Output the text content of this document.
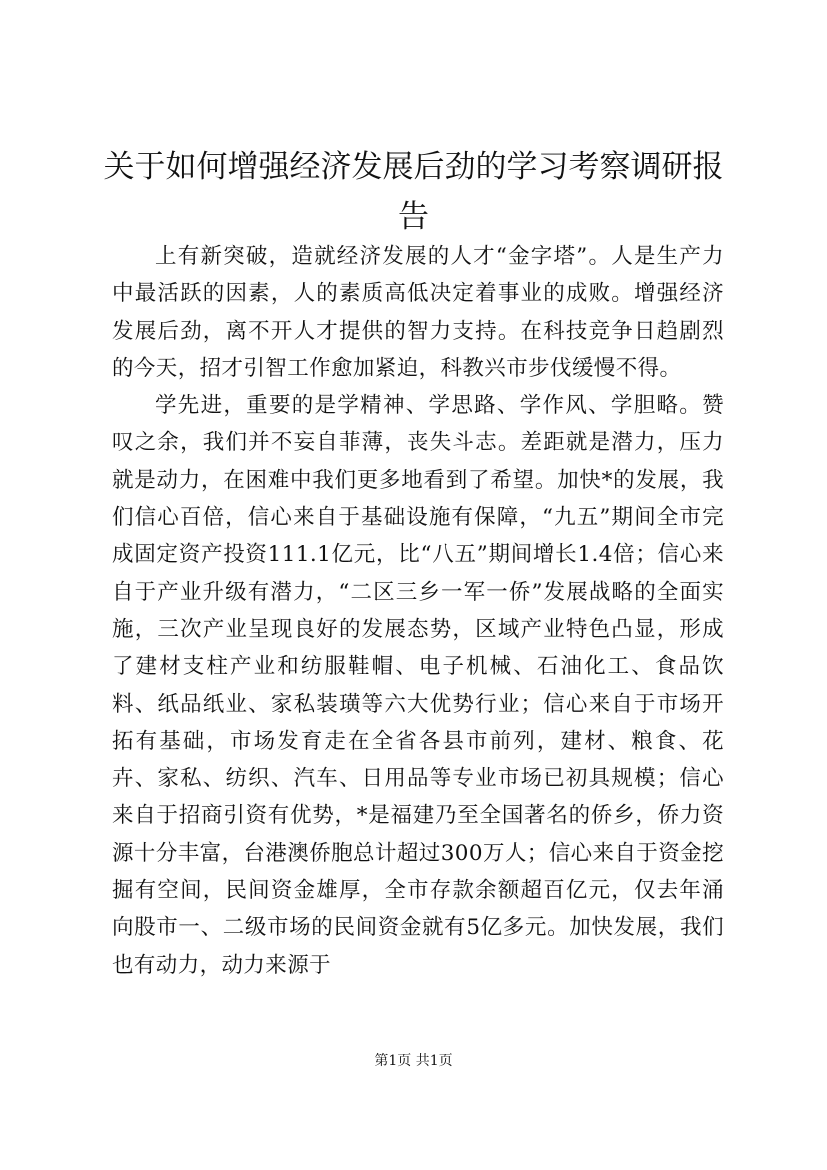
关于如何增强经济发展后劲的学习考察调研报告

上有新突破，造就经济发展的人才“金字塔”。人是生产力中最活跃的因素，人的素质高低决定着事业的成败。增强经济发展后劲，离不开人才提供的智力支持。在科技竞争日趋剧烈的今天，招才引智工作愈加紧迫，科教兴市步伐缓慢不得。

学先进，重要的是学精神、学思路、学作风、学胆略。赞叹之余，我们并不妄自菲薄，丧失斗志。差距就是潜力，压力就是动力，在困难中我们更多地看到了希望。加快*的发展，我们信心百倍，信心来自于基础设施有保障，“九五”期间全市完成固定资产投资111.1亿元，比“八五”期间增长1.4倍；信心来自于产业升级有潜力，“二区三乡一军一侨”发展战略的全面实施，三次产业呈现良好的发展态势，区域产业特色凸显，形成了建材支柱产业和纺服鞋帽、电子机械、石油化工、食品饮料、纸品纸业、家私装璜等六大优势行业；信心来自于市场开拓有基础，市场发育走在全省各县市前列，建材、粮食、花卉、家私、纺织、汽车、日用品等专业市场已初具规模；信心来自于招商引资有优势，*是福建乃至全国著名的侨乡，侨力资源十分丰富，台港澳侨胞总计超过300万人；信心来自于资金挖掘有空间，民间资金雄厚，全市存款余额超百亿元，仅去年涌向股市一、二级市场的民间资金就有5亿多元。加快发展，我们也有动力，动力来源于

第1页 共1页
